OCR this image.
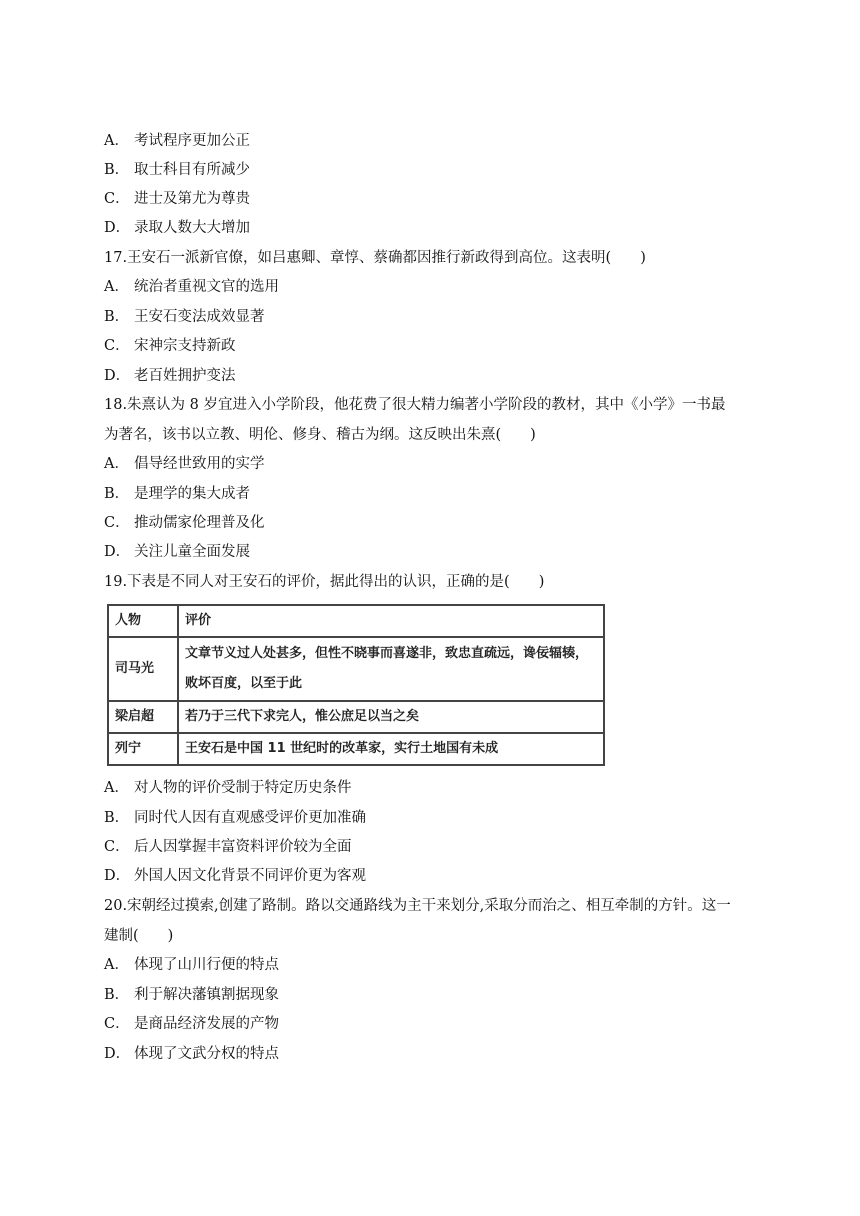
A． 考试程序更加公正
B． 取士科目有所减少
C． 进士及第尤为尊贵
D． 录取人数大大增加
17.王安石一派新官僚，如吕惠卿、章惇、蔡确都因推行新政得到高位。这表明(　　)
A． 统治者重视文官的选用
B． 王安石变法成效显著
C． 宋神宗支持新政
D． 老百姓拥护变法
18.朱熹认为 8 岁宜进入小学阶段，他花费了很大精力编著小学阶段的教材，其中《小学》一书最
为著名，该书以立教、明伦、修身、稽古为纲。这反映出朱熹(　　)
A． 倡导经世致用的实学
B． 是理学的集大成者
C． 推动儒家伦理普及化
D． 关注儿童全面发展
19.下表是不同人对王安石的评价，据此得出的认识，正确的是(　　)
人物	评价
司马光	文章节义过人处甚多，但性不晓事而喜遂非，致忠直疏远，谗佞辐辏，
败坏百度，以至于此

梁启超	若乃于三代下求完人，惟公庶足以当之矣
列宁	王安石是中国 11 世纪时的改革家，实行土地国有未成
A． 对人物的评价受制于特定历史条件
B． 同时代人因有直观感受评价更加准确
C． 后人因掌握丰富资料评价较为全面
D． 外国人因文化背景不同评价更为客观
20.宋朝经过摸索,创建了路制。路以交通路线为主干来划分,采取分而治之、相互牵制的方针。这一
建制(　　)
A． 体现了山川行便的特点
B． 利于解决藩镇割据现象
C． 是商品经济发展的产物
D． 体现了文武分权的特点
